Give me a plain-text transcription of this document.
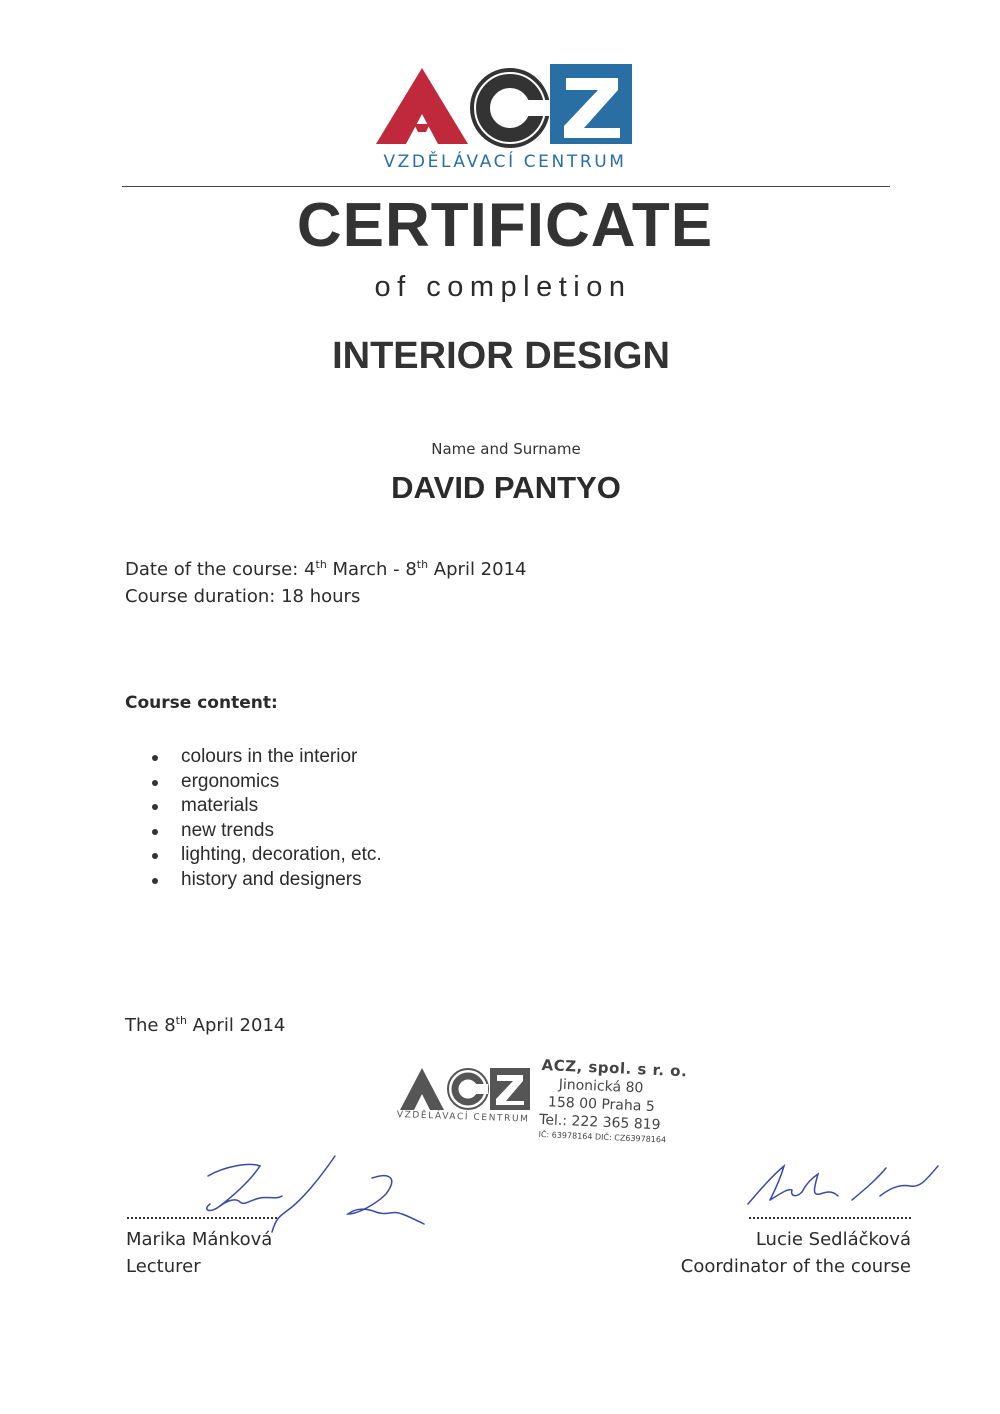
VZDĚLÁVACÍ CENTRUM
CERTIFICATE
of completion
INTERIOR DESIGN
Name and Surname
DAVID PANTYO
Date of the course: 4th March - 8th April 2014
Course duration: 18 hours
Course content:
colours in the interior
ergonomics
materials
new trends
lighting, decoration, etc.
history and designers
The 8th April 2014
VZDĚLÁVACÍ CENTRUM
ACZ, spol. s r. o.
Jinonická 80
158 00 Praha 5
Tel.: 222 365 819
IČ: 63978164 DIČ: CZ63978164
Marika Mánková
Lecturer
Lucie Sedláčková
Coordinator of the course
